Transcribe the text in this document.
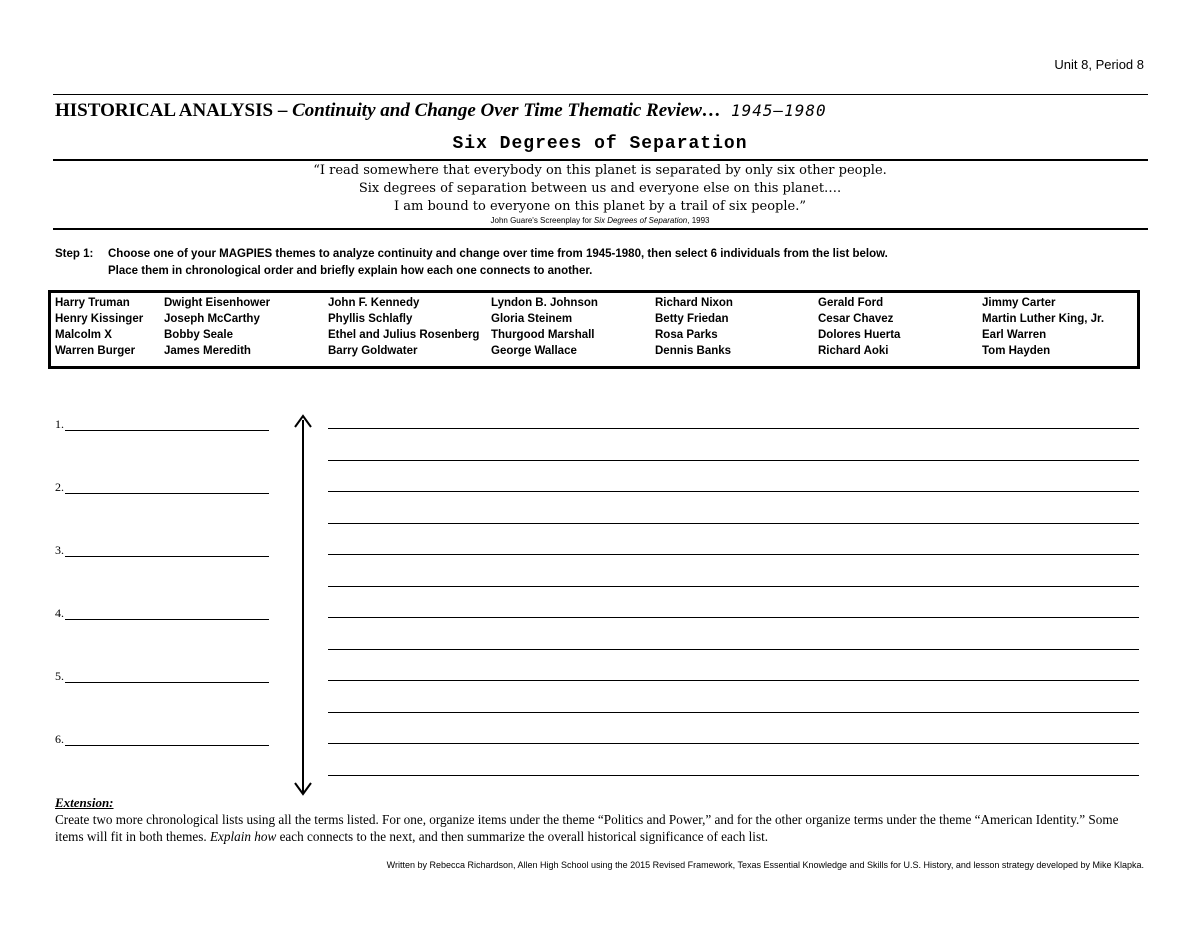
Unit 8, Period 8
HISTORICAL ANALYSIS – Continuity and Change Over Time Thematic Review… 1945–1980
Six Degrees of Separation
“I read somewhere that everybody on this planet is separated by only six other people.
Six degrees of separation between us and everyone else on this planet….
I am bound to everyone on this planet by a trail of six people.”
John Guare's Screenplay for Six Degrees of Separation, 1993
Step 1: Choose one of your MAGPIES themes to analyze continuity and change over time from 1945-1980, then select 6 individuals from the list below.
Place them in chronological order and briefly explain how each one connects to another.
Harry Truman
Henry Kissinger
Malcolm X
Warren Burger
Dwight Eisenhower
Joseph McCarthy
Bobby Seale
James Meredith
John F. Kennedy
Phyllis Schlafly
Ethel and Julius Rosenberg
Barry Goldwater
Lyndon B. Johnson
Gloria Steinem
Thurgood Marshall
George Wallace
Richard Nixon
Betty Friedan
Rosa Parks
Dennis Banks
Gerald Ford
Cesar Chavez
Dolores Huerta
Richard Aoki
Jimmy Carter
Martin Luther King, Jr.
Earl Warren
Tom Hayden
1.
2.
3.
4.
5.
6.
Extension:
Create two more chronological lists using all the terms listed. For one, organize items under the theme “Politics and Power,” and for the other organize terms under the theme “American Identity.” Some items will fit in both themes. Explain how each connects to the next, and then summarize the overall historical significance of each list.
Written by Rebecca Richardson, Allen High School using the 2015 Revised Framework, Texas Essential Knowledge and Skills for U.S. History, and lesson strategy developed by Mike Klapka.
